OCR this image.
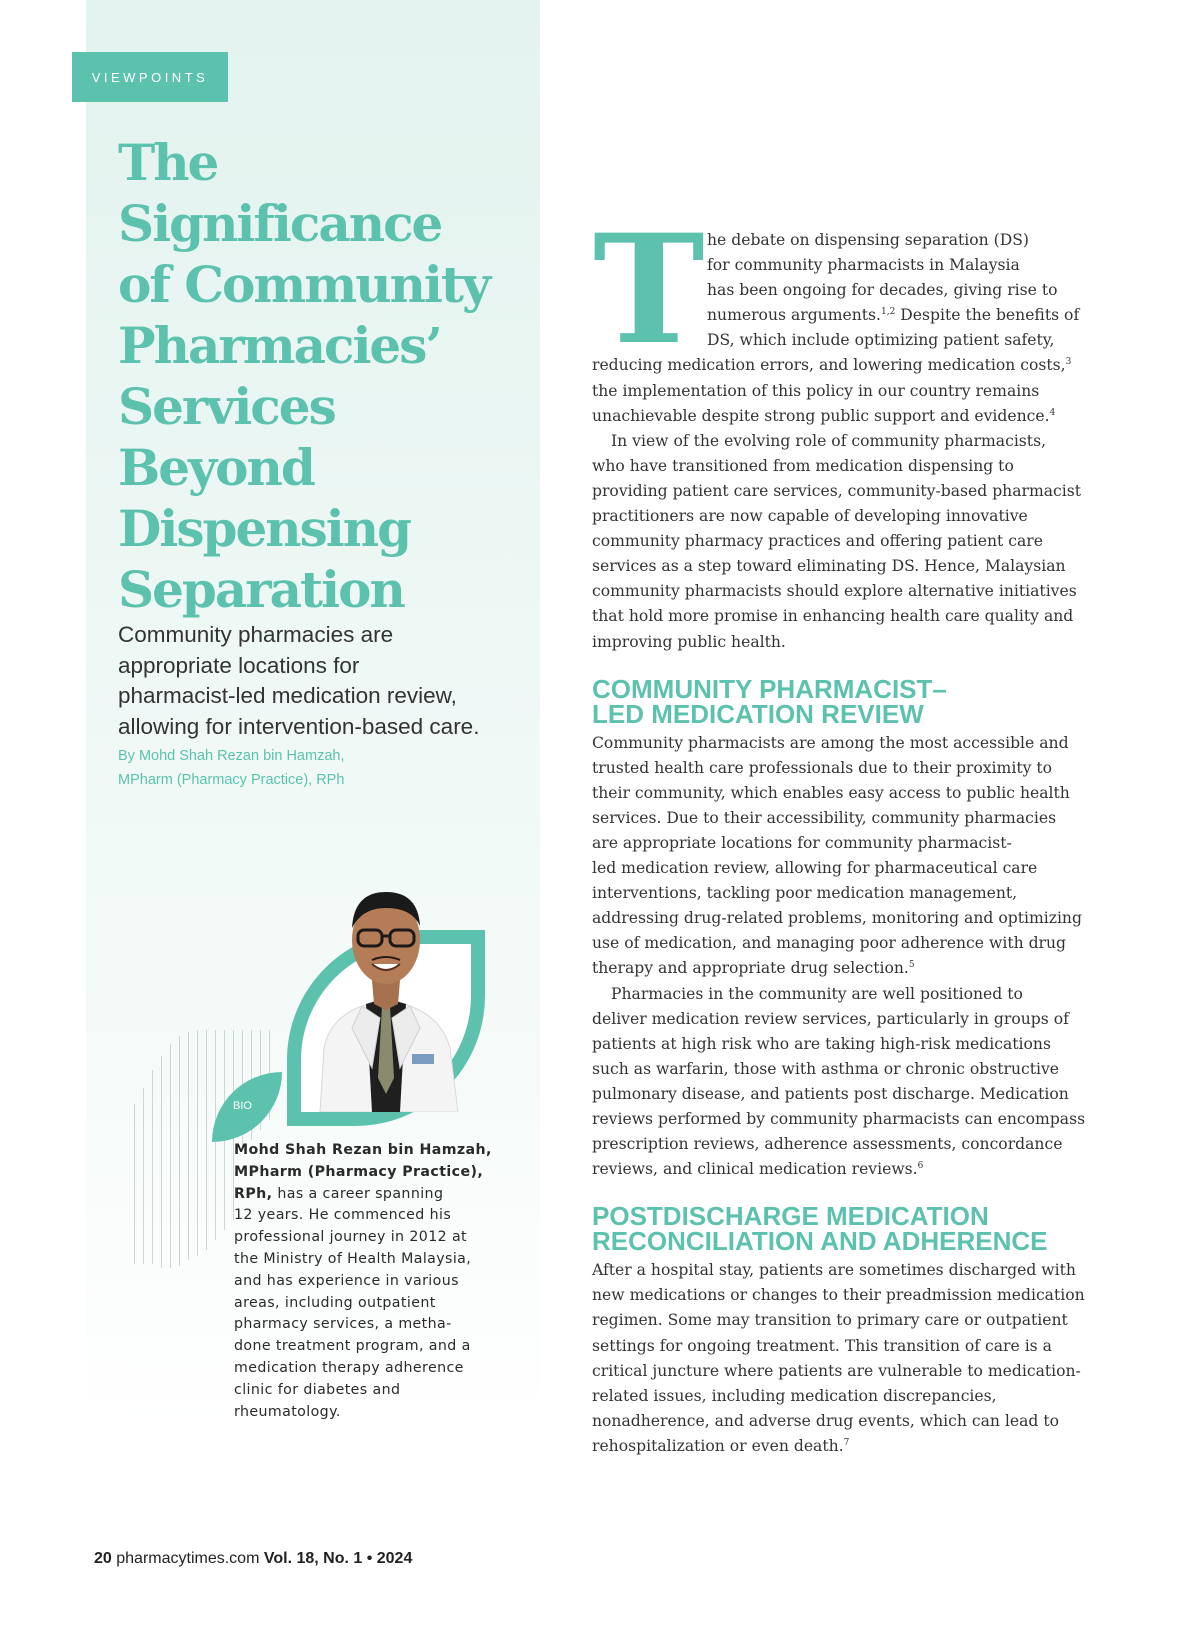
VIEWPOINTS
The
Significance
of Community
Pharmacies’
Services
Beyond
Dispensing
Separation
Community pharmacies are
appropriate locations for
pharmacist-led medication review,
allowing for intervention-based care.
By Mohd Shah Rezan bin Hamzah,
MPharm (Pharmacy Practice), RPh
BIO
Mohd Shah Rezan bin Hamzah,
MPharm (Pharmacy Practice),
RPh, has a career spanning
12 years. He commenced his
professional journey in 2012 at
the Ministry of Health Malaysia,
and has experience in various
areas, including outpatient
pharmacy services, a metha-
done treatment program, and a
medication therapy adherence
clinic for diabetes and
rheumatology.
T he debate on dispensing separation (DS)
for community pharmacists in Malaysia
has been ongoing for decades, giving rise to
numerous arguments.$^{1,2}$ Despite the benefits of
DS, which include optimizing patient safety,
reducing medication errors, and lowering medication costs,$^3$
the implementation of this policy in our country remains
unachievable despite strong public support and evidence.$^4$
In view of the evolving role of community pharmacists,
who have transitioned from medication dispensing to
providing patient care services, community-based pharmacist
practitioners are now capable of developing innovative
community pharmacy practices and offering patient care
services as a step toward eliminating DS. Hence, Malaysian
community pharmacists should explore alternative initiatives
that hold more promise in enhancing health care quality and
improving public health.
COMMUNITY PHARMACIST–
LED MEDICATION REVIEW
Community pharmacists are among the most accessible and
trusted health care professionals due to their proximity to
their community, which enables easy access to public health
services. Due to their accessibility, community pharmacies
are appropriate locations for community pharmacist-
led medication review, allowing for pharmaceutical care
interventions, tackling poor medication management,
addressing drug-related problems, monitoring and optimizing
use of medication, and managing poor adherence with drug
therapy and appropriate drug selection.$^5$
Pharmacies in the community are well positioned to
deliver medication review services, particularly in groups of
patients at high risk who are taking high-risk medications
such as warfarin, those with asthma or chronic obstructive
pulmonary disease, and patients post discharge. Medication
reviews performed by community pharmacists can encompass
prescription reviews, adherence assessments, concordance
reviews, and clinical medication reviews.$^6$
POSTDISCHARGE MEDICATION
RECONCILIATION AND ADHERENCE
After a hospital stay, patients are sometimes discharged with
new medications or changes to their preadmission medication
regimen. Some may transition to primary care or outpatient
settings for ongoing treatment. This transition of care is a
critical juncture where patients are vulnerable to medication-
related issues, including medication discrepancies,
nonadherence, and adverse drug events, which can lead to
rehospitalization or even death.$^7$
20 pharmacytimes.com Vol. 18, No. 1 • 2024
